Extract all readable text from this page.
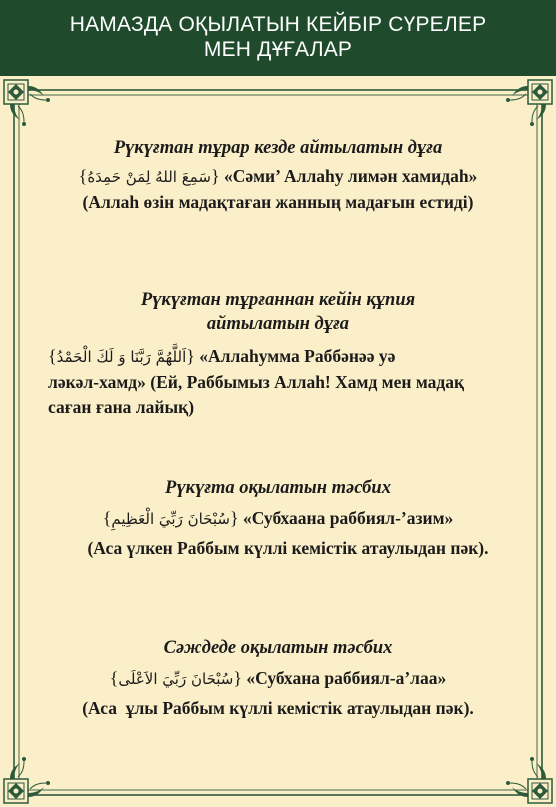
НАМАЗДА ОҚЫЛАТЫН КЕЙБІР СҮРЕЛЕР
МЕН ДҰҒАЛАР
Рүкүғтан тұрар кезде айтылатын дұға
{سَمِعَ اللهُ لِمَنْ حَمِدَهُ} «Сәми’ Аллаһу лимән хамидаһ»
(Аллаһ өзін мадақтаған жанның мадағын естиді)
Рүкүғтан тұрғаннан кейін құпия
айтылатын дұға
{اَللَّهُمَّ رَبَّنَا وَ لَكَ الْحَمْدُ} «Аллаһумма Раббәнәә уә
ләкәл-хамд» (Ей, Раббымыз Аллаһ! Хамд мен мадақ
саған ғана лайық)
Рүкүғта оқылатын тәсбих
{سُبْحَانَ رَبِّيَ الْعَظِيمِ} «Субхаана раббиял-’азим»
(Аса үлкен Раббым күллі кемістік атаулыдан пәк).
Сәждеде оқылатын тәсбих
{سُبْحَانَ رَبِّيَ الاَعْلَى} «Субхана раббиял-а’лаа»
(Аса  ұлы Раббым күллі кемістік атаулыдан пәк).
